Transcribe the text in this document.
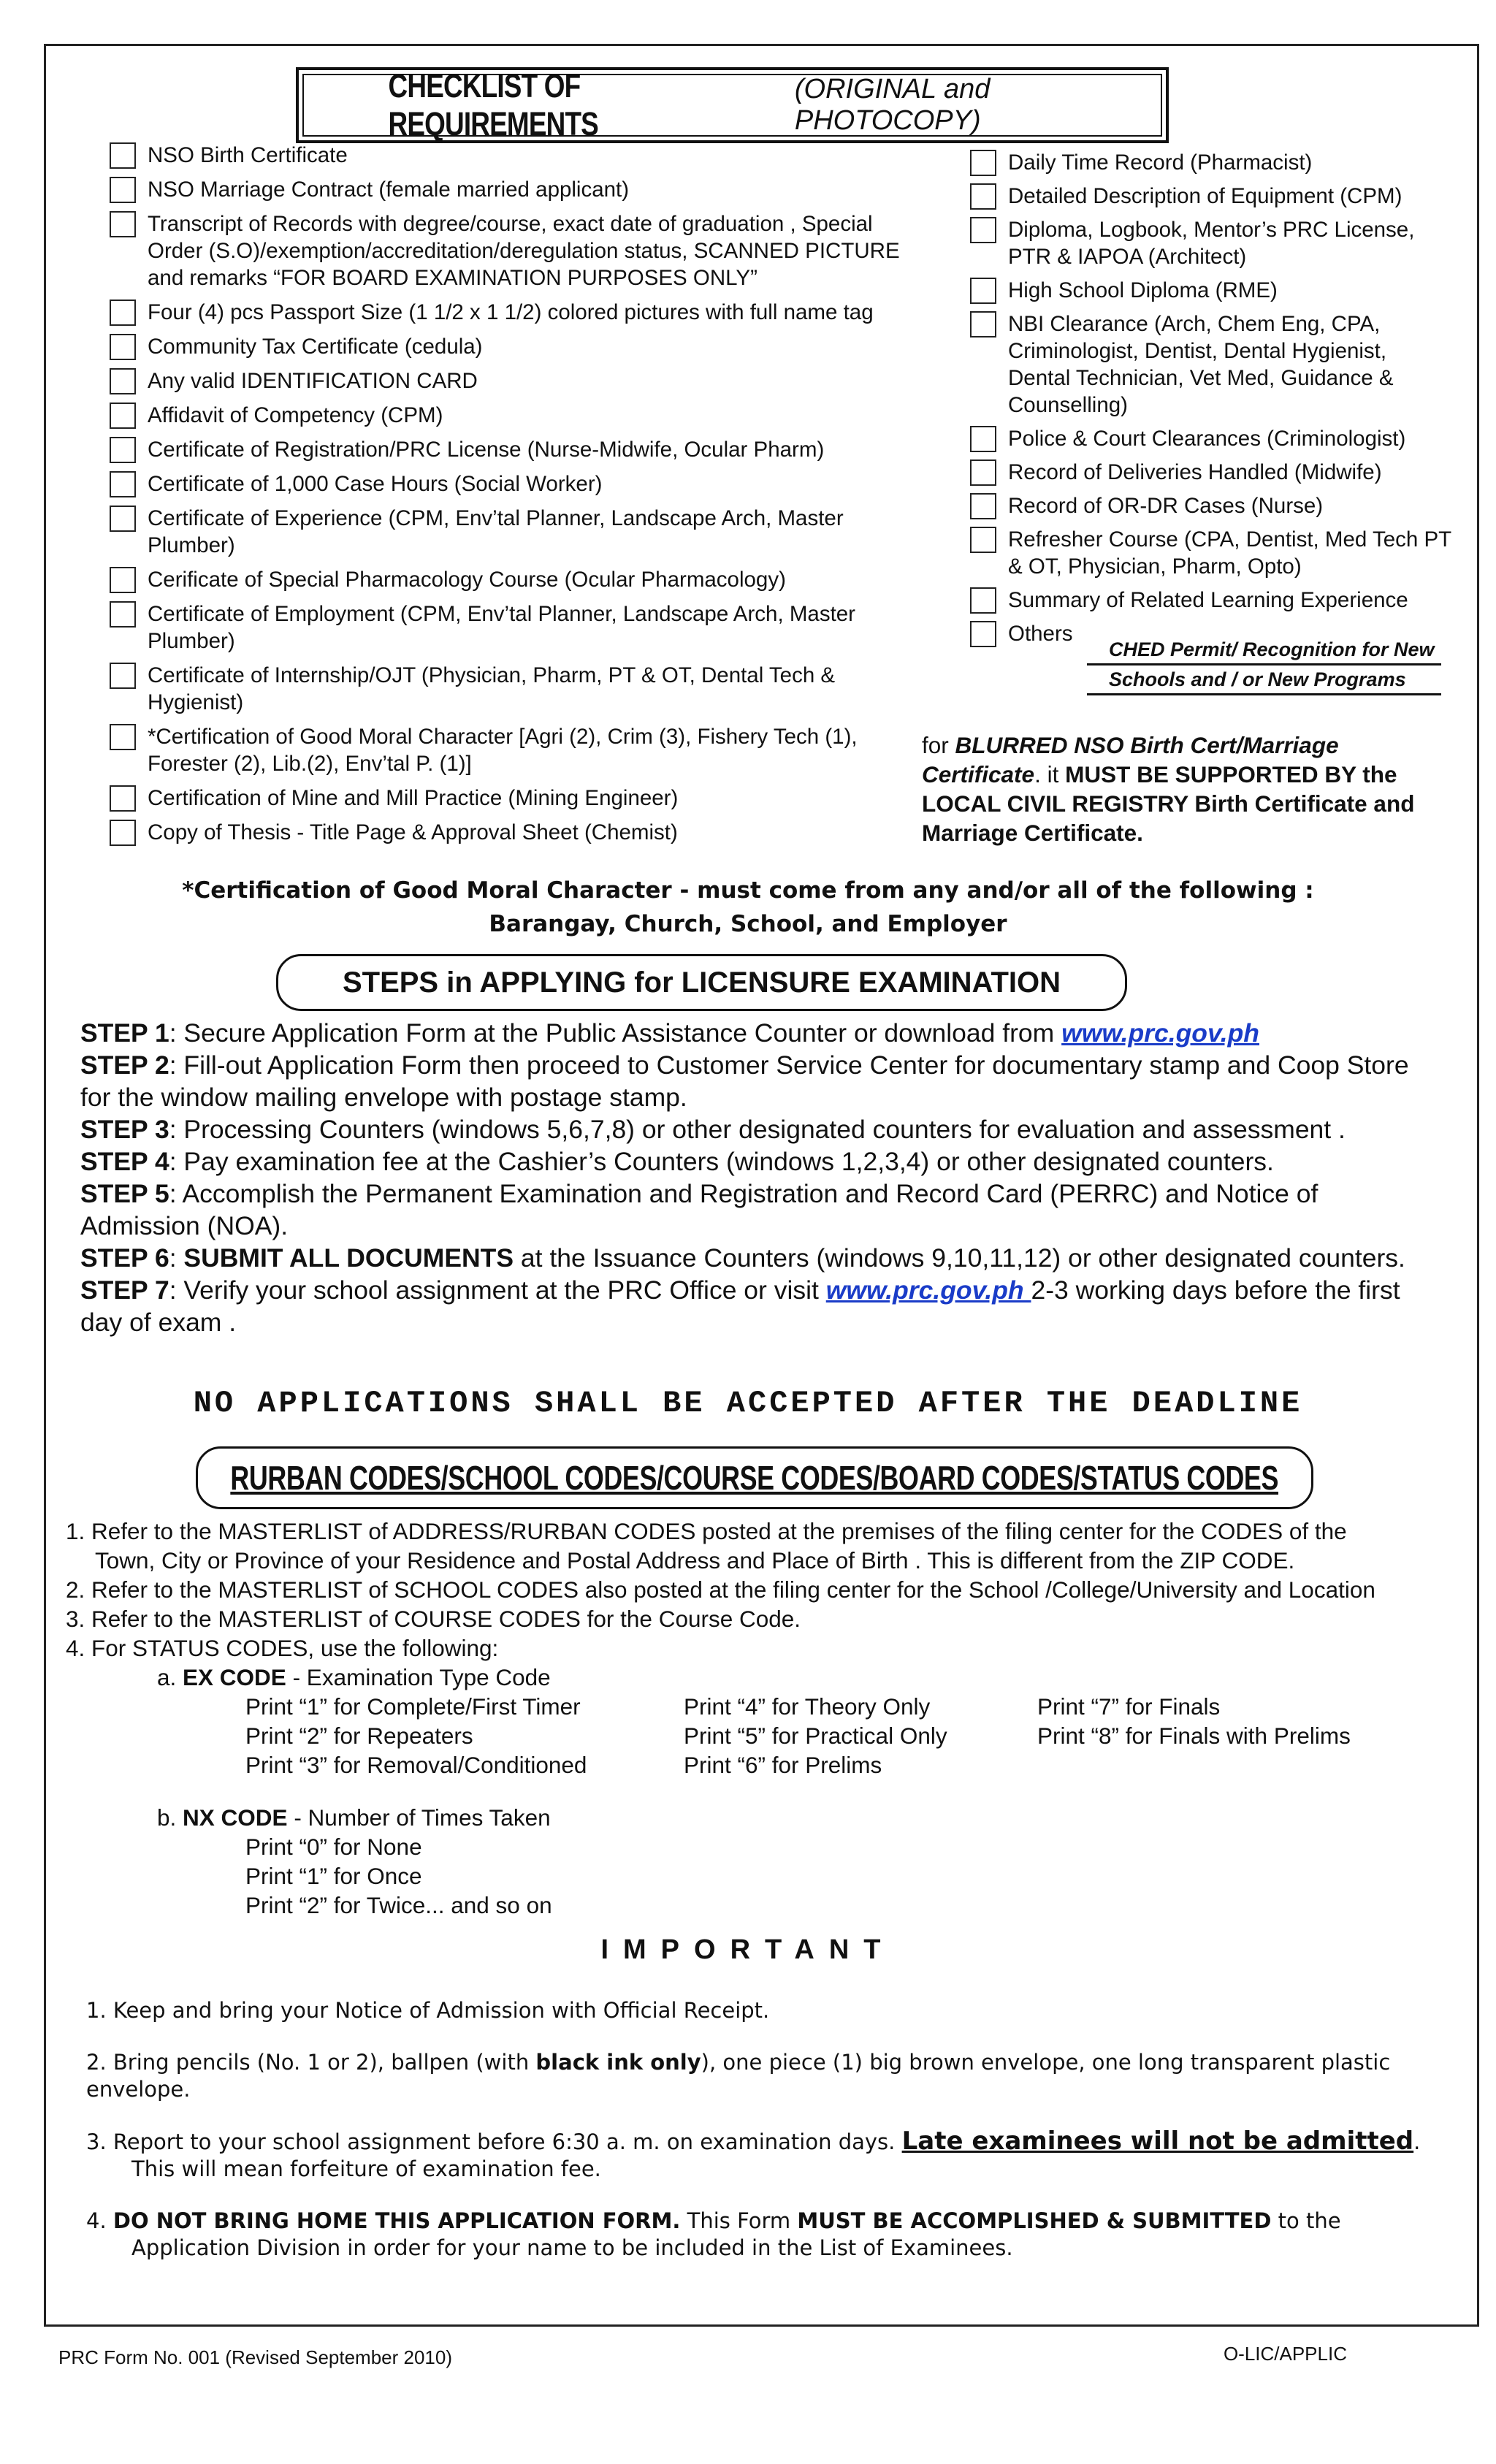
CHECKLIST OF REQUIREMENTS
(ORIGINAL and PHOTOCOPY)
NSO Birth Certificate
NSO Marriage Contract (female married applicant)
Transcript of Records with degree/course, exact date of graduation , Special Order (S.O)/exemption/accreditation/deregulation status, SCANNED PICTURE and remarks “FOR BOARD EXAMINATION PURPOSES ONLY”
Four (4) pcs Passport Size (1 1/2 x 1 1/2) colored pictures with full name tag
Community Tax Certificate (cedula)
Any valid IDENTIFICATION CARD
Affidavit of Competency (CPM)
Certificate of Registration/PRC License (Nurse-Midwife, Ocular Pharm)
Certificate of 1,000 Case Hours (Social Worker)
Certificate of Experience (CPM, Env’tal Planner, Landscape Arch, Master Plumber)
Cerificate of Special Pharmacology Course (Ocular Pharmacology)
Certificate of Employment (CPM, Env’tal Planner, Landscape Arch, Master Plumber)
Certificate of Internship/OJT (Physician, Pharm, PT & OT, Dental Tech & Hygienist)
*Certification of Good Moral Character [Agri (2), Crim (3), Fishery Tech (1), Forester (2), Lib.(2), Env’tal P. (1)]
Certification of Mine and Mill Practice (Mining Engineer)
Copy of Thesis - Title Page & Approval Sheet (Chemist)
Daily Time Record (Pharmacist)
Detailed Description of Equipment (CPM)
Diploma, Logbook, Mentor’s PRC License, PTR & IAPOA (Architect)
High School Diploma (RME)
NBI Clearance (Arch, Chem Eng, CPA, Criminologist, Dentist, Dental Hygienist, Dental Technician, Vet Med, Guidance & Counselling)
Police & Court Clearances (Criminologist)
Record of Deliveries Handled (Midwife)
Record of OR-DR Cases (Nurse)
Refresher Course (CPA, Dentist, Med Tech PT & OT, Physician, Pharm, Opto)
Summary of Related Learning Experience
Others
CHED Permit/ Recognition for New
Schools and / or New Programs
for BLURRED NSO Birth Cert/Marriage Certificate. it MUST BE SUPPORTED BY the LOCAL CIVIL REGISTRY Birth Certificate and Marriage Certificate.
*Certification of Good Moral Character - must come from any and/or all of the following :
Barangay, Church, School, and Employer
STEPS in APPLYING for LICENSURE EXAMINATION

STEP 1: Secure Application Form at the Public Assistance Counter or download from www.prc.gov.ph

STEP 2: Fill-out Application Form then proceed to Customer Service Center for documentary stamp and Coop Store for the window mailing envelope with postage stamp.

STEP 3: Processing Counters (windows 5,6,7,8) or other designated counters for evaluation and assessment .

STEP 4: Pay examination fee at the Cashier’s Counters (windows 1,2,3,4) or other designated counters.

STEP 5: Accomplish the Permanent Examination and Registration and Record Card (PERRC) and Notice of Admission (NOA).

STEP 6: SUBMIT ALL DOCUMENTS at the Issuance Counters (windows 9,10,11,12) or other designated counters.

STEP 7: Verify your school assignment at the PRC Office or visit www.prc.gov.ph 2-3 working days before the first day of exam .

NO APPLICATIONS SHALL BE ACCEPTED AFTER THE DEADLINE
RURBAN CODES/SCHOOL CODES/COURSE CODES/BOARD CODES/STATUS CODES

1. Refer to the MASTERLIST of ADDRESS/RURBAN CODES posted at the premises of the filing center for the CODES of the

Town, City or Province of your Residence and Postal Address and Place of Birth . This is different from the ZIP CODE.

2. Refer to the MASTERLIST of SCHOOL CODES also posted at the filing center for the School /College/University and Location

3. Refer to the MASTERLIST of COURSE CODES for the Course Code.

4. For STATUS CODES, use the following:

a. EX CODE - Examination Type Code

Print “1” for Complete/First Timer	Print “4” for Theory Only	Print “7” for Finals
Print “2” for Repeaters	Print “5” for Practical Only	Print “8” for Finals with Prelims
Print “3” for Removal/Conditioned	Print “6” for Prelims

b. NX CODE - Number of Times Taken

Print “0” for None

Print “1” for Once

Print “2” for Twice... and so on

IMPORTANT

1. Keep and bring your Notice of Admission with Official Receipt.

2. Bring pencils (No. 1 or 2), ballpen (with black ink only), one piece (1) big brown envelope, one long transparent plastic envelope.

3. Report to your school assignment before 6:30 a. m. on examination days. Late examinees will not be admitted. This will mean forfeiture of examination fee.

4. DO NOT BRING HOME THIS APPLICATION FORM. This Form MUST BE ACCOMPLISHED & SUBMITTED to the Application Division in order for your name to be included in the List of Examinees.

PRC Form No. 001 (Revised September 2010)	O-LIC/APPLIC
